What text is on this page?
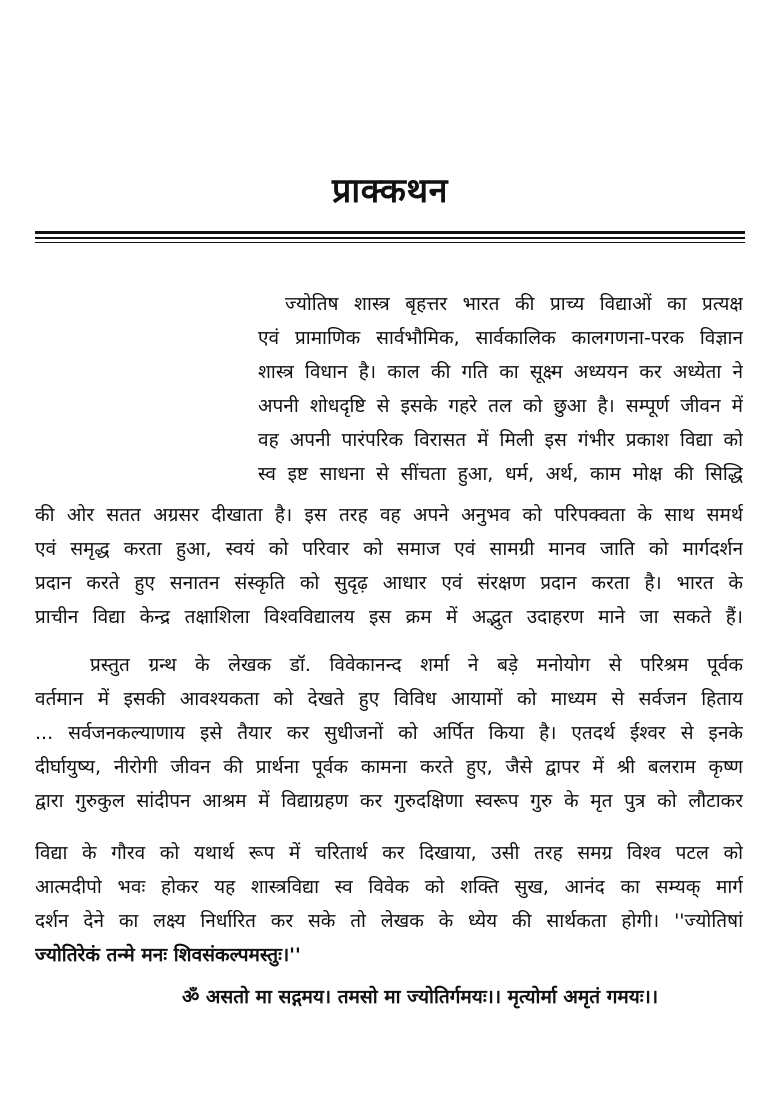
प्राक्कथन
ज्योतिष शास्त्र बृहत्तर भारत की प्राच्य विद्याओं का प्रत्यक्ष
एवं प्रामाणिक सार्वभौमिक, सार्वकालिक कालगणना-परक विज्ञान
शास्त्र विधान है। काल की गति का सूक्ष्म अध्ययन कर अध्येता ने
अपनी शोधदृष्टि से इसके गहरे तल को छुआ है। सम्पूर्ण जीवन में
वह अपनी पारंपरिक विरासत में मिली इस गंभीर प्रकाश विद्या को
स्व इष्ट साधना से सींचता हुआ, धर्म, अर्थ, काम मोक्ष की सिद्धि
की ओर सतत अग्रसर दीखाता है। इस तरह वह अपने अनुभव को परिपक्वता के साथ समर्थ
एवं समृद्ध करता हुआ, स्वयं को परिवार को समाज एवं सामग्री मानव जाति को मार्गदर्शन
प्रदान करते हुए सनातन संस्कृति को सुदृढ़ आधार एवं संरक्षण प्रदान करता है। भारत के
प्राचीन विद्या केन्द्र तक्षाशिला विश्वविद्यालय इस क्रम में अद्भुत उदाहरण माने जा सकते हैं।
प्रस्तुत ग्रन्थ के लेखक डॉ. विवेकानन्द शर्मा ने बड़े मनोयोग से परिश्रम पूर्वक
वर्तमान में इसकी आवश्यकता को देखते हुए विविध आयामों को माध्यम से सर्वजन हिताय
... सर्वजनकल्याणाय इसे तैयार कर सुधीजनों को अर्पित किया है। एतदर्थ ईश्वर से इनके
दीर्घायुष्य, नीरोगी जीवन की प्रार्थना पूर्वक कामना करते हुए, जैसे द्वापर में श्री बलराम कृष्ण
द्वारा गुरुकुल सांदीपन आश्रम में विद्याग्रहण कर गुरुदक्षिणा स्वरूप गुरु के मृत पुत्र को लौटाकर
विद्या के गौरव को यथार्थ रूप में चरितार्थ कर दिखाया, उसी तरह समग्र विश्व पटल को
आत्मदीपो भवः होकर यह शास्त्रविद्या स्व विवेक को शक्ति सुख, आनंद का सम्यक् मार्ग
दर्शन देने का लक्ष्य निर्धारित कर सके तो लेखक के ध्येय की सार्थकता होगी। ''ज्योतिषां
ज्योतिरेकं तन्मे मनः शिवसंकल्पमस्तुः।''
ॐ असतो मा सद्गमय। तमसो मा ज्योतिर्गमयः।। मृत्योर्मा अमृतं गमयः।।
